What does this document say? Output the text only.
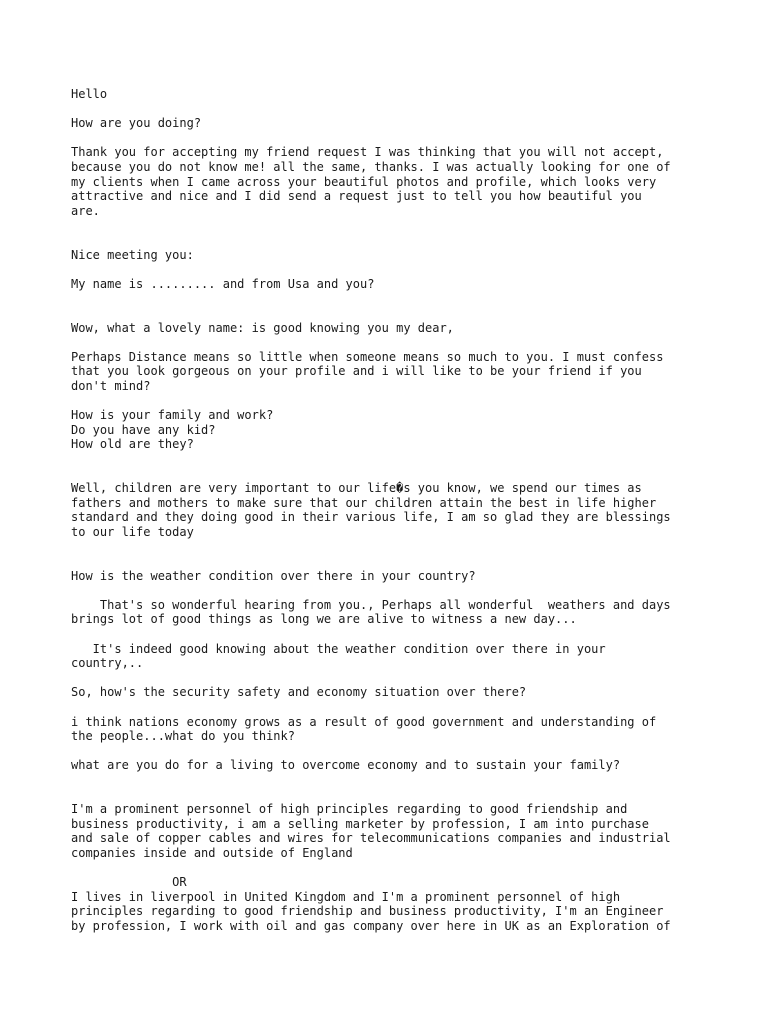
Hello
How are you doing?
Thank you for accepting my friend request I was thinking that you will not accept,
because you do not know me! all the same, thanks. I was actually looking for one of
my clients when I came across your beautiful photos and profile, which looks very
attractive and nice and I did send a request just to tell you how beautiful you
are.
Nice meeting you:
My name is ......... and from Usa and you?
Wow, what a lovely name: is good knowing you my dear,
Perhaps Distance means so little when someone means so much to you. I must confess
that you look gorgeous on your profile and i will like to be your friend if you
don't mind?
How is your family and work?
Do you have any kid?
How old are they?
Well, children are very important to our life�s you know, we spend our times as
fathers and mothers to make sure that our children attain the best in life higher
standard and they doing good in their various life, I am so glad they are blessings
to our life today
How is the weather condition over there in your country?
That's so wonderful hearing from you., Perhaps all wonderful  weathers and days
brings lot of good things as long we are alive to witness a new day...
It's indeed good knowing about the weather condition over there in your
country,..
So, how's the security safety and economy situation over there?
i think nations economy grows as a result of good government and understanding of
the people...what do you think?
what are you do for a living to overcome economy and to sustain your family?
I'm a prominent personnel of high principles regarding to good friendship and
business productivity, i am a selling marketer by profession, I am into purchase
and sale of copper cables and wires for telecommunications companies and industrial
companies inside and outside of England
OR
I lives in liverpool in United Kingdom and I'm a prominent personnel of high
principles regarding to good friendship and business productivity, I'm an Engineer
by profession, I work with oil and gas company over here in UK as an Exploration of
